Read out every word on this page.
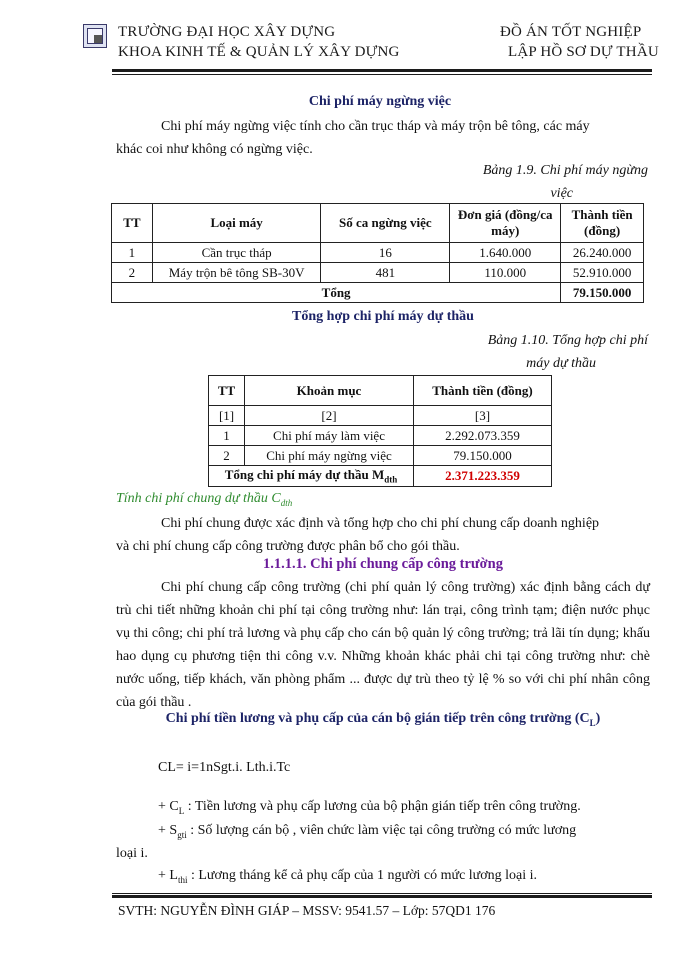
TRƯỜNG ĐẠI HỌC XÂY DỰNG
KHOA KINH TẾ & QUẢN LÝ XÂY DỰNG
ĐỒ ÁN TỐT NGHIỆP
LẬP HỒ SƠ DỰ THẦU
Chi phí máy ngừng việc

Chi phí máy ngừng việc tính cho cần trục tháp và máy trộn bê tông, các máy

khác coi như không có ngừng việc.

Bảng 1.9. Chi phí máy ngừng
việc
TT	Loại máy	Số ca ngừng việc	Đơn giá (đồng/ca máy)	Thành tiền (đồng)
1	Cần trục tháp	16	1.640.000	26.240.000
2	Máy trộn bê tông SB-30V	481	110.000	52.910.000
Tổng				79.150.000
Tổng hợp chi phí máy dự thầu
Bảng 1.10. Tổng hợp chi phí
máy dự thầu
TT	Khoản mục	Thành tiền (đồng)
[1]	[2]	[3]
1	Chi phí máy làm việc	2.292.073.359
2	Chi phí máy ngừng việc	79.150.000
Tổng chi phí máy dự thầu $M_{dth}$		2.371.223.359
Tính chi phí chung dự thầu $C_{dth}$

Chi phí chung được xác định và tổng hợp cho chi phí chung cấp doanh nghiệp

và chi phí chung cấp công trường được phân bổ cho gói thầu.

1.1.1.1. Chi phí chung cấp công trường

Chi phí chung cấp công trường (chi phí quản lý công trường) xác định bằng cách dự trù chi tiết những khoản chi phí tại công trường như: lán trại, công trình tạm; điện nước phục vụ thi công; chi phí trả lương và phụ cấp cho cán bộ quản lý công trường; trả lãi tín dụng; khấu hao dụng cụ phương tiện thi công v.v. Những khoản khác phải chi tại công trường như: chè nước uống, tiếp khách, văn phòng phẩm ... được dự trù theo tỷ lệ % so với chi phí nhân công của gói thầu .

Chi phí tiền lương và phụ cấp của cán bộ gián tiếp trên công trường $(C_L)$
CL= i=1nSgt.i. Lth.i.Tc
+ $C_L$ : Tiền lương và phụ cấp lương của bộ phận gián tiếp trên công trường.
+ $S_{gti}$ : Số lượng cán bộ , viên chức làm việc tại công trường có mức lương
loại i.
+ $L_{thi}$ : Lương tháng kể cả phụ cấp của 1 người có mức lương loại i.
SVTH: NGUYỄN ĐÌNH GIÁP – MSSV: 9541.57 – Lớp: 57QD1 176
